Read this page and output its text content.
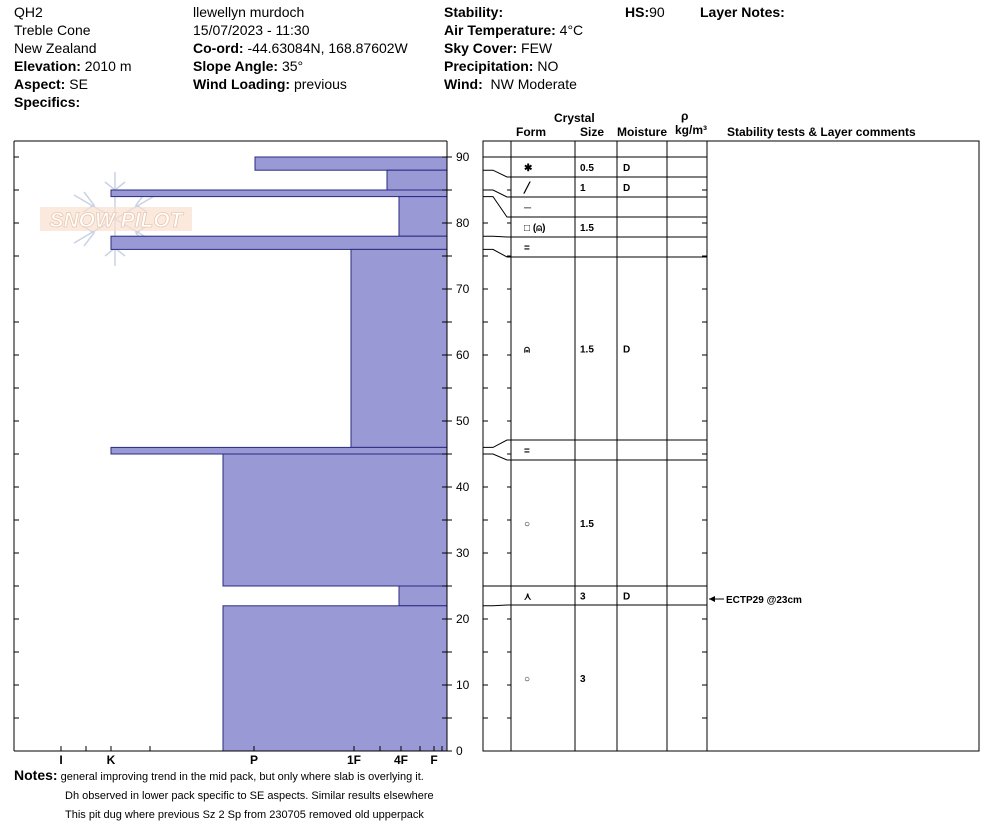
QH2
Treble Cone
New Zealand
Elevation: 2010 m
Aspect: SE
Specifics:
llewellyn murdoch
15/07/2023 - 11:30
Co-ord: -44.63084N, 168.87602W
Slope Angle: 35°
Wind Loading: previous
Stability:
Air Temperature: 4°C
Sky Cover: FEW
Precipitation: NO
Wind: NW Moderate
HS:90	Layer Notes:
SNOW PILOT
0
10
20
30
40
50
60
70
80
90
I	K	P	1F	4F F
Crystal
Form	Size Moisture
ρ
kg/m³ Stability tests & Layer comments
✱	0.5	D
╱	1	D
─
□ (⍝)	1.5
=
⍝	1.5	D
=
○	1.5
⋏	3	D
○	3
ECTP29 @23cm
Notes: general improving trend in the mid pack, but only where slab is overlying it.
Dh observed in lower pack specific to SE aspects. Similar results elsewhere
This pit dug where previous Sz 2 Sp from 230705 removed old upperpack
